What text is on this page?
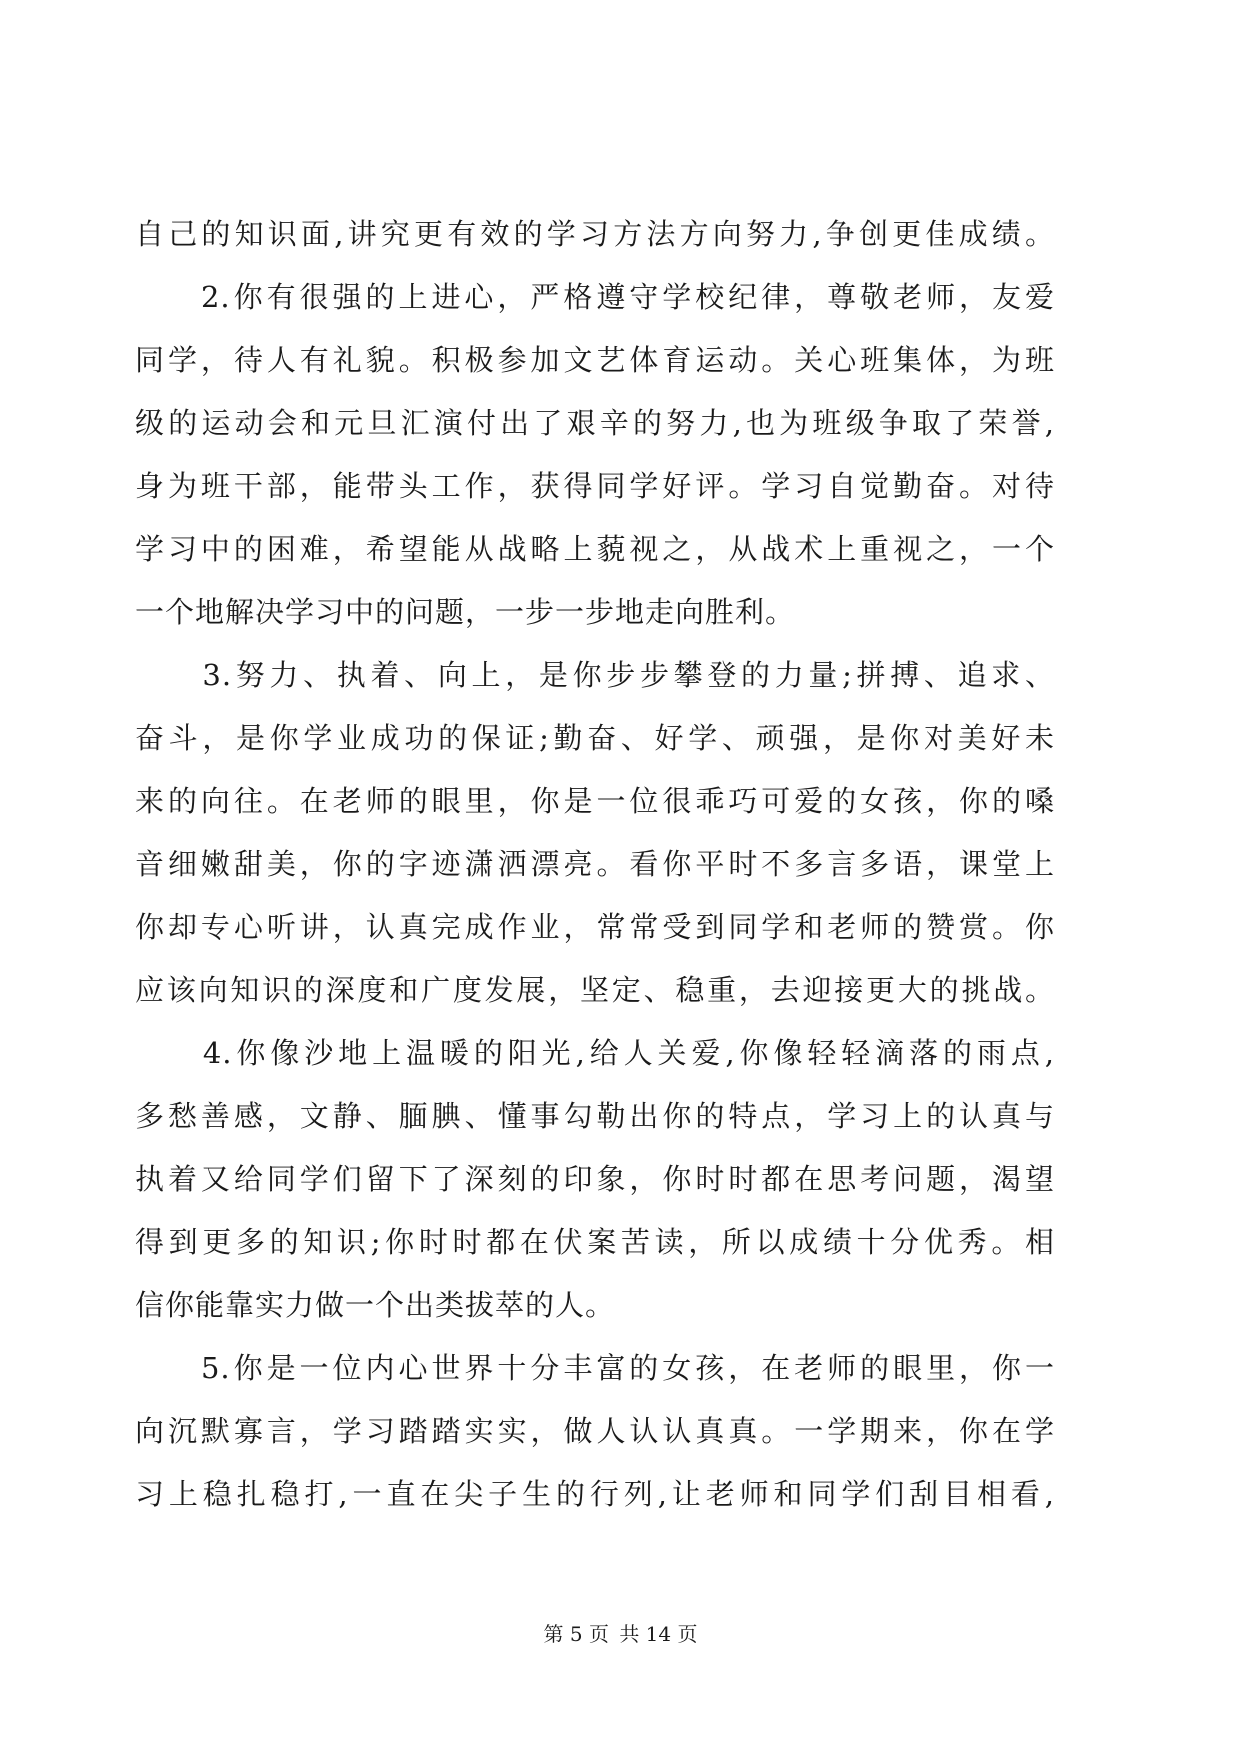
自己的知识面,讲究更有效的学习方法方向努力,争创更佳成绩。
　　2.你有很强的上进心，严格遵守学校纪律，尊敬老师，友爱
同学，待人有礼貌。积极参加文艺体育运动。关心班集体，为班
级的运动会和元旦汇演付出了艰辛的努力,也为班级争取了荣誉,
身为班干部，能带头工作，获得同学好评。学习自觉勤奋。对待
学习中的困难，希望能从战略上藐视之，从战术上重视之，一个
一个地解决学习中的问题，一步一步地走向胜利。
　　3.努力、执着、向上，是你步步攀登的力量;拼搏、追求、
奋斗，是你学业成功的保证;勤奋、好学、顽强，是你对美好未
来的向往。在老师的眼里，你是一位很乖巧可爱的女孩，你的嗓
音细嫩甜美，你的字迹潇洒漂亮。看你平时不多言多语，课堂上
你却专心听讲，认真完成作业，常常受到同学和老师的赞赏。你
应该向知识的深度和广度发展，坚定、稳重，去迎接更大的挑战。
　　4.你像沙地上温暖的阳光,给人关爱,你像轻轻滴落的雨点,
多愁善感，文静、腼腆、懂事勾勒出你的特点，学习上的认真与
执着又给同学们留下了深刻的印象，你时时都在思考问题，渴望
得到更多的知识;你时时都在伏案苦读，所以成绩十分优秀。相
信你能靠实力做一个出类拔萃的人。
　　5.你是一位内心世界十分丰富的女孩，在老师的眼里，你一
向沉默寡言，学习踏踏实实，做人认认真真。一学期来，你在学
习上稳扎稳打,一直在尖子生的行列,让老师和同学们刮目相看,
第 5 页 共 14 页
